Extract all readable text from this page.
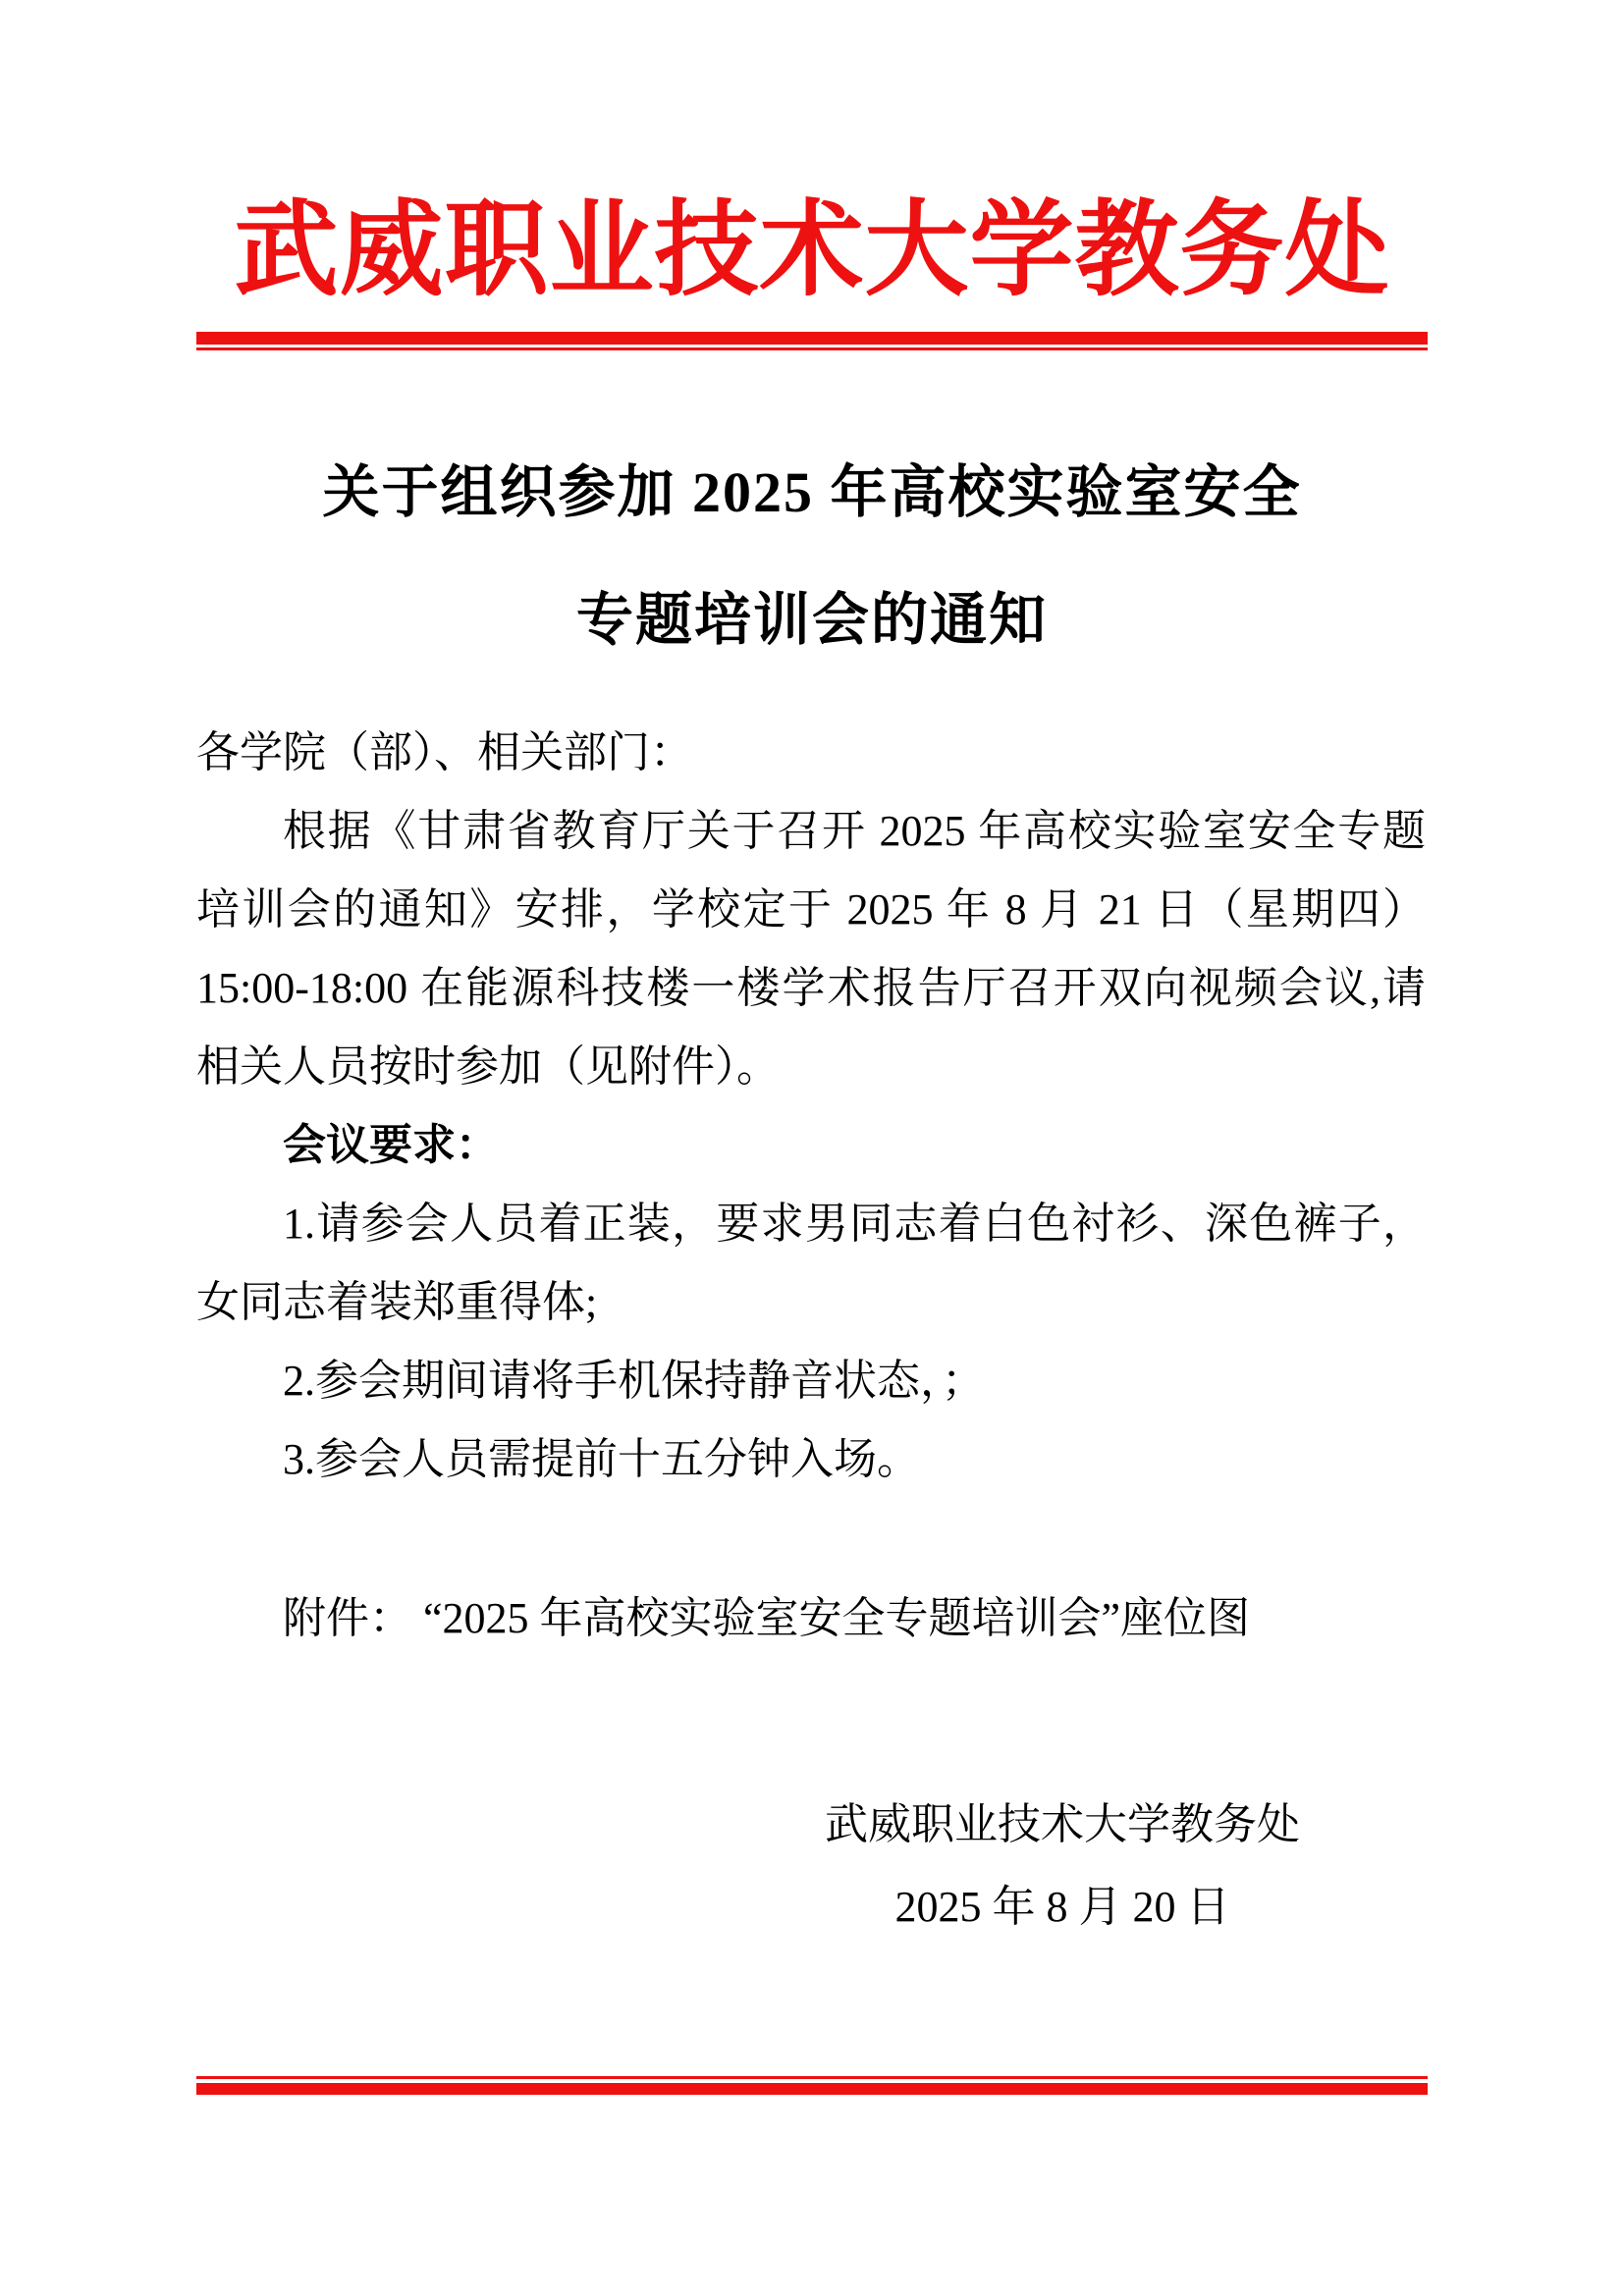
武威职业技术大学教务处
关于组织参加 2025 年高校实验室安全
专题培训会的通知
各学院（部）、相关部门：
根据《甘肃省教育厅关于召开 2025 年高校实验室安全专题
培训会的通知》安排，学校定于 2025 年 8 月 21 日（星期四）
15:00-18:00 在能源科技楼一楼学术报告厅召开双向视频会议,请
相关人员按时参加（见附件）。
会议要求：
1.请参会人员着正装，要求男同志着白色衬衫、深色裤子，
女同志着装郑重得体;
2.参会期间请将手机保持静音状态，；
3.参会人员需提前十五分钟入场。
附件： “2025 年高校实验室安全专题培训会”座位图
武威职业技术大学教务处
2025 年 8 月 20 日
